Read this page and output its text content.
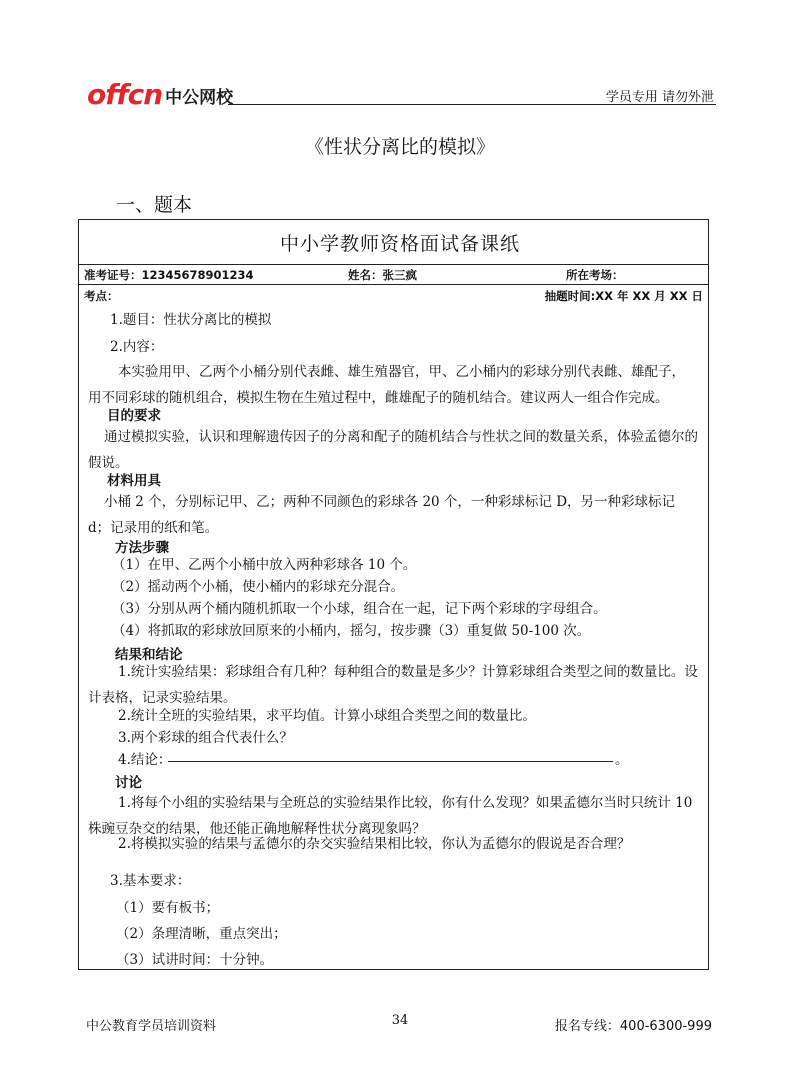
offcn 中公网校	学员专用 请勿外泄
《性状分离比的模拟》
一、题本
中小学教师资格面试备课纸
准考证号：12345678901234	姓名：张三疯	所在考场：
考点：	抽题时间:XX 年 XX 月 XX 日
1.题目：性状分离比的模拟
2.内容：
本实验用甲、乙两个小桶分别代表雌、雄生殖器官，甲、乙小桶内的彩球分别代表雌、雄配子，用不同彩球的随机组合，模拟生物在生殖过程中，雌雄配子的随机结合。建议两人一组合作完成。
目的要求
通过模拟实验，认识和理解遗传因子的分离和配子的随机结合与性状之间的数量关系，体验孟德尔的假说。
材料用具
小桶 2 个，分别标记甲、乙；两种不同颜色的彩球各 20 个，一种彩球标记 D，另一种彩球标记 d；记录用的纸和笔。
方法步骤
（1）在甲、乙两个小桶中放入两种彩球各 10 个。
（2）摇动两个小桶，使小桶内的彩球充分混合。
（3）分别从两个桶内随机抓取一个小球，组合在一起，记下两个彩球的字母组合。
（4）将抓取的彩球放回原来的小桶内，摇匀，按步骤（3）重复做 50-100 次。
结果和结论
1.统计实验结果：彩球组合有几种？每种组合的数量是多少？计算彩球组合类型之间的数量比。设计表格，记录实验结果。
2.统计全班的实验结果，求平均值。计算小球组合类型之间的数量比。
3.两个彩球的组合代表什么？
4.结论：	。
讨论
1.将每个小组的实验结果与全班总的实验结果作比较，你有什么发现？如果孟德尔当时只统计 10 株豌豆杂交的结果，他还能正确地解释性状分离现象吗？
2.将模拟实验的结果与孟德尔的杂交实验结果相比较，你认为孟德尔的假说是否合理？
3.基本要求：
（1）要有板书；
（2）条理清晰，重点突出；
（3）试讲时间：十分钟。
中公教育学员培训资料	34	报名专线：400-6300-999
